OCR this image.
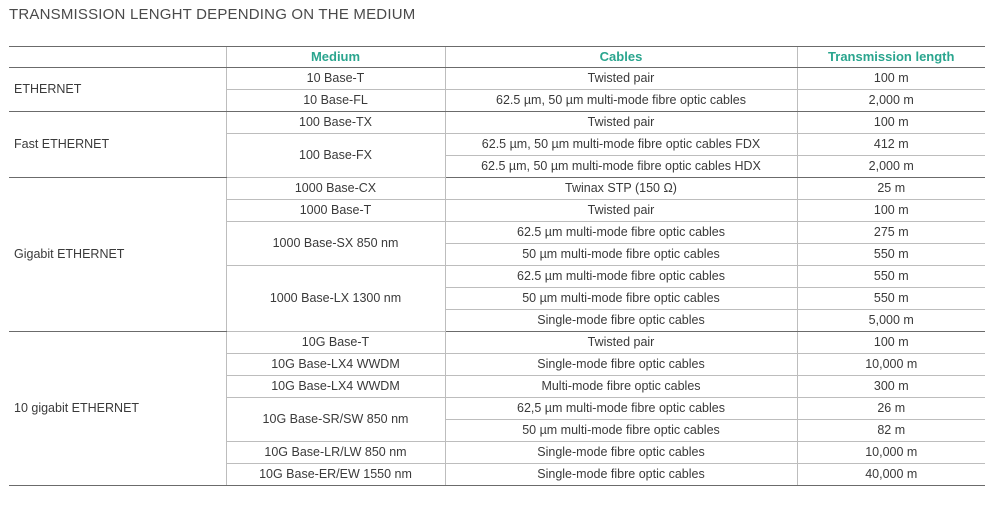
TRANSMISSION LENGHT DEPENDING ON THE MEDIUM
	Medium	Cables	Transmission length
ETHERNET	10 Base-T	Twisted pair	100 m
	10 Base-FL	62.5 µm, 50 µm multi-mode fibre optic cables	2,000 m
Fast ETHERNET	100 Base-TX	Twisted pair	100 m
	100 Base-FX	62.5 µm, 50 µm multi-mode fibre optic cables FDX	412 m
		62.5 µm, 50 µm multi-mode fibre optic cables HDX	2,000 m
Gigabit ETHERNET	1000 Base-CX	Twinax STP (150 Ω)	25 m
	1000 Base-T	Twisted pair	100 m
	1000 Base-SX 850 nm	62.5 µm multi-mode fibre optic cables	275 m
		50 µm multi-mode fibre optic cables	550 m
	1000 Base-LX 1300 nm	62.5 µm multi-mode fibre optic cables	550 m
		50 µm multi-mode fibre optic cables	550 m
		Single-mode fibre optic cables	5,000 m
10 gigabit ETHERNET	10G Base-T	Twisted pair	100 m
	10G Base-LX4 WWDM	Single-mode fibre optic cables	10,000 m
	10G Base-LX4 WWDM	Multi-mode fibre optic cables	300 m
	10G Base-SR/SW 850 nm	62,5 µm multi-mode fibre optic cables	26 m
		50 µm multi-mode fibre optic cables	82 m
	10G Base-LR/LW 850 nm	Single-mode fibre optic cables	10,000 m
	10G Base-ER/EW 1550 nm	Single-mode fibre optic cables	40,000 m
